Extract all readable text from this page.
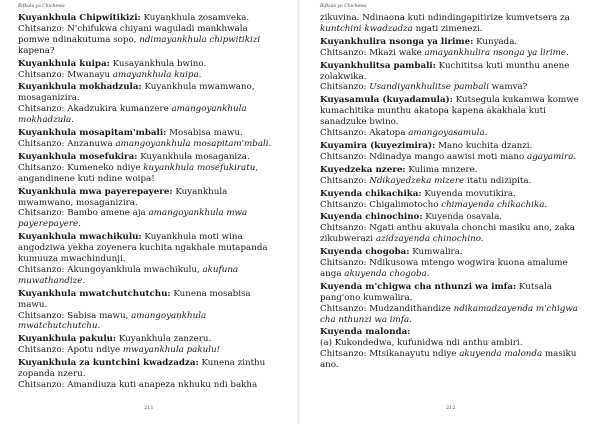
Bifkulo ya Chichewa

Kuyankhula Chipwitikizi: Kuyankhula zosamveka.

Chitsanzo: N'chifukwa chiyani waguladi mankhwala pomwe ndinakutuma sopo, ndimayankhula chipwitikizi kapena?

Kuyankhula kuipa: Kusayankhula bwino.

Chitsanzo: Mwanayu amayankhula kuipa.

Kuyankhula mokhadzula: Kuyankhula mwamwano, mosaganizira.

Chitsanzo: Akadzukira kumanzere amangoyankhula mokhadzula.

Kuyankhula mosapitam'mbali: Mosabisa mawu.

Chitsanzo: Anzanuwa amangoyankhula mosapitam'mbali.

Kuyankhula mosefukira: Kuyankhula mosaganiza.

Chitsanzo: Kumeneko ndiye kuyankhula mosefukiratu, angandinene kuti ndine woipa!

Kuyankhula mwa payerepayere: Kuyankhula mwamwano, mosaganizira.

Chitsanzo: Bambo amene aja amangoyankhula mwa payerepayere.

Kuyankhula mwachikulu: Kuyankhula moti wina angodziwa yekha zoyenera kuchita ngakhale mutapanda kumuuza mwachindunji.

Chitsanzo: Akungoyankhula mwachikulu, akufuna muwathandize.

Kuyankhula mwatchutchutchu: Kunena mosabisa mawu.

Chitsanzo: Sabisa mawu, amangoyankhula mwatchutchutchu.

Kuyankhula pakulu: Kuyankhula zanzeru.

Chitsanzo: Apotu ndiye mwayankhula pakulu!

Kuyankhula za kuntchini kwadzadza: Kunena zinthu zopanda nzeru.

Chitsanzo: Amandiuza kuti anapeza nkhuku ndi bakha

211
Bifkulo ya Chichewa

zikuvina. Ndinaona kuti ndindingapitirize kumvetsera za kuntchini kwadzadza ngati zimenezi.

Kuyankhulira nsonga ya lirime: Kunyada.

Chitsanzo: Mkazi wake amayankhulira nsonga ya lirime.

Kuyankhulitsa pambali: Kuchititsa kuti munthu anene zolakwika.

Chitsanzo: Usandiyankhulitse pambali wamva?

Kuyasamula (kuyadamula): Kutsegula kukamwa komwe kumachitika munthu akatopa kapena akakhala kuti sanadzuke bwino.

Chitsanzo: Akatopa amangoyasamula.

Kuyamira (kuyezimira): Mano kuchita dzanzi.

Chitsanzo: Ndinadya mango aawisi moti mano agayamira.

Kuyedzeka nzere: Kulima mnzere.

Chitsanzo: Ndikayedzeka mizere itatu ndizipita.

Kuyenda chikachika: Kuyenda movutikira.

Chitsanzo: Chigalimotocho chimayenda chikachika.

Kuyenda chinochino: Kuyenda osavala.

Chitsanzo: Ngati anthu akuvala chonchi masiku ano, zaka zikubwerazi azidzayenda chinochino.

Kuyenda chogoba: Kumwalira.

Chitsanzo: Ndikusowa mtengo wogwira kuona amalume anga akuyenda chogoba.

Kuyenda m'chigwa cha nthunzi wa imfa: Kutsala pang'ono kumwalira.

Chitsanzo: Mudzandithandize ndikamadzayenda m'chigwa cha nthunzi wa imfa.

Kuyenda malonda:

(a) Kukondedwa, kufunidwa ndi anthu ambiri.

Chitsanzo: Mtsikanayutu ndiye akuyenda malonda masiku ano.

212
